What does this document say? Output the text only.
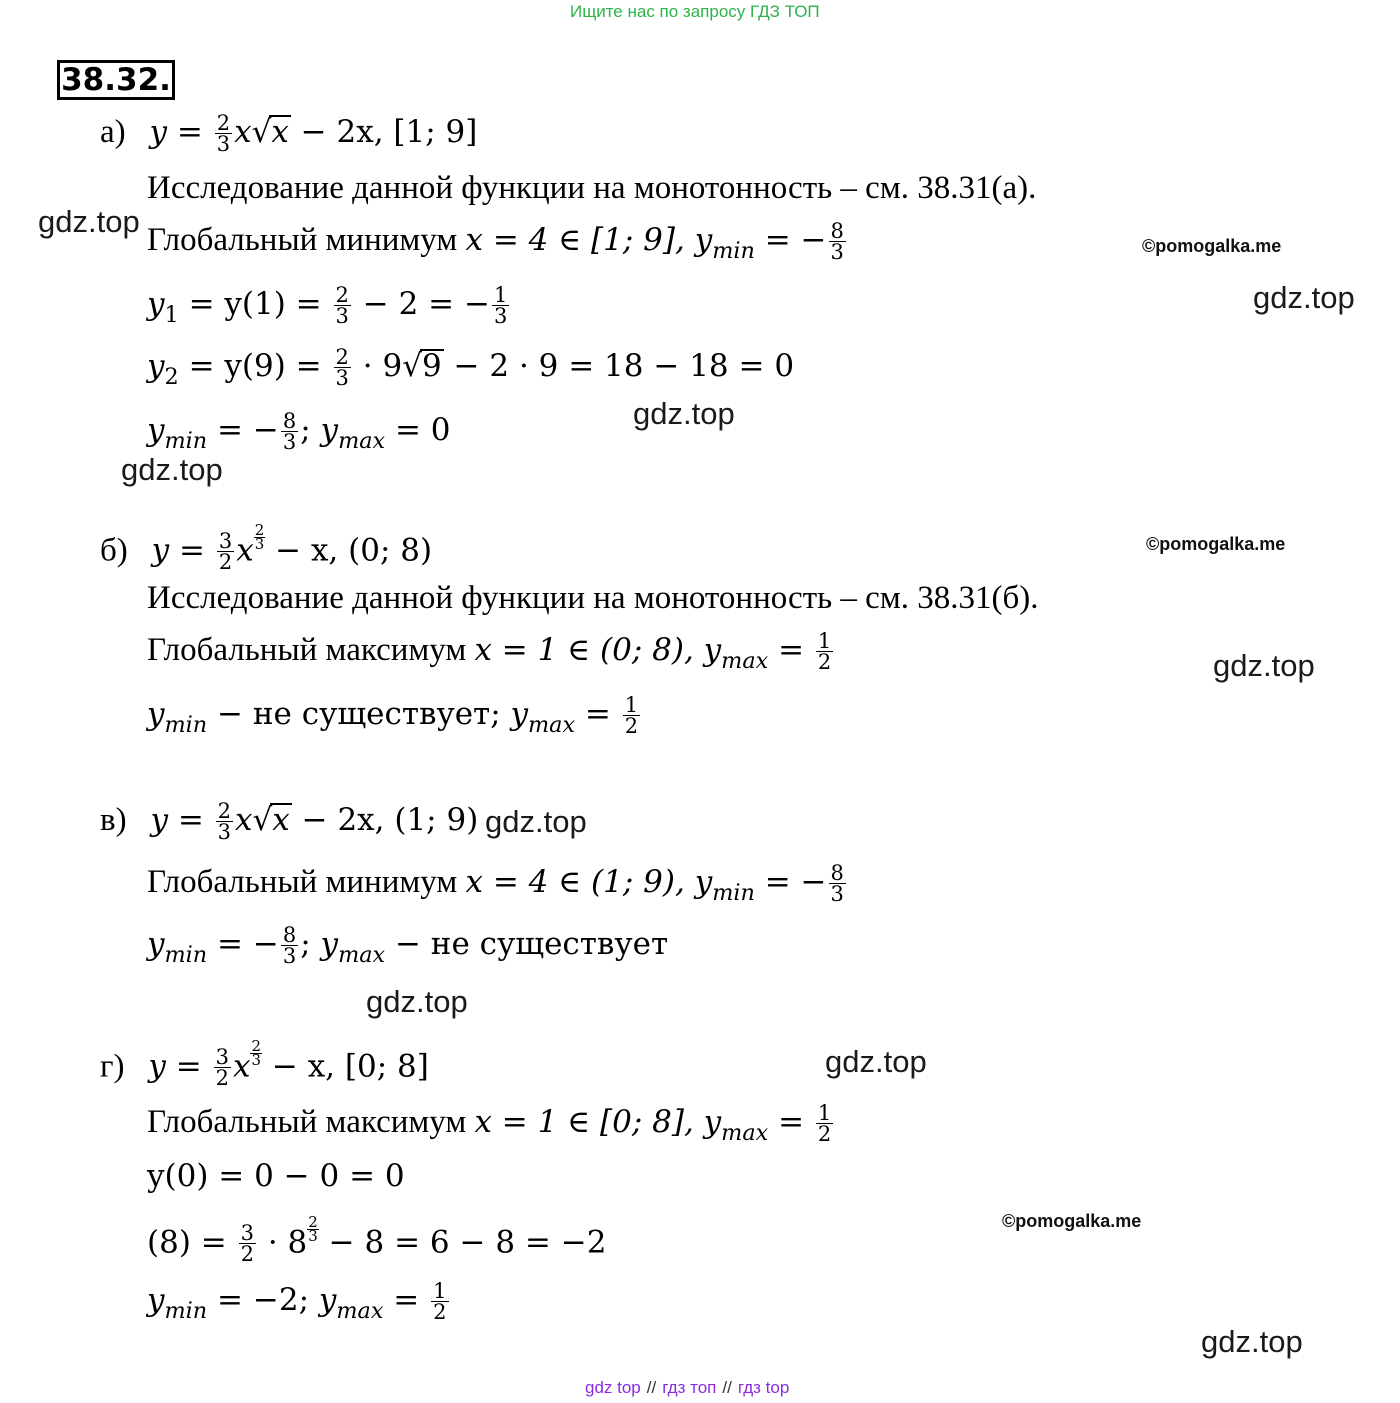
Ищите нас по запросу ГДЗ ТОП
38.32.
а) $y = \frac{2}{3} x√x - 2x$, [1; 9]
Исследование данной функции на монотонность – см. 38.31(а).
Глобальный минимум x = 4 ∈ [1; 9], $y_{min}$ = − $\frac{8}{3}$
$y_1 = y(1) = \frac{2}{3} - 2$ = − $\frac{1}{3}$
$y_2 = y(9) = \frac{2}{3} \cdot 9√9 - 2 \cdot 9 = 18 - 18 = 0$
$y_{min}$ = − $\frac{8}{3}$ ; $y_{max} = 0$
б) $y = \frac{3}{2}$ x $\frac{2}{3} - x$, (0; 8)
Исследование данной функции на монотонность – см. 38.31(б).
Глобальный максимум x = 1 ∈ (0; 8), $y_{max} = \frac{1}{2}$
$y_{min}$ − не существует; $y_{max} = \frac{1}{2}$
в) $y = \frac{2}{3} x√x - 2x$, (1; 9)
Глобальный минимум x = 4 ∈ (1; 9), $y_{min}$ = − $\frac{8}{3}$
$y_{min}$ = − $\frac{8}{3}$ ; $y_{max}$ − не существует
г) $y = \frac{3}{2}$ x $\frac{2}{3} - x$, [0; 8]
Глобальный максимум x = 1 ∈ [0; 8], $y_{max} = \frac{1}{2}$
y(0) = 0 − 0 = 0
$(8) = \frac{3}{2} \cdot 8 \frac{2}{3} - 8 = 6 - 8 = -2$
$y_{min} = -2$; $y_{max} = \frac{1}{2}$
gdz.top
gdz.top
gdz.top
gdz.top
gdz.top
gdz.top
gdz.top
gdz.top
gdz.top
©pomogalka.me
©pomogalka.me
©pomogalka.me
gdz top // гдз топ // гдз top
